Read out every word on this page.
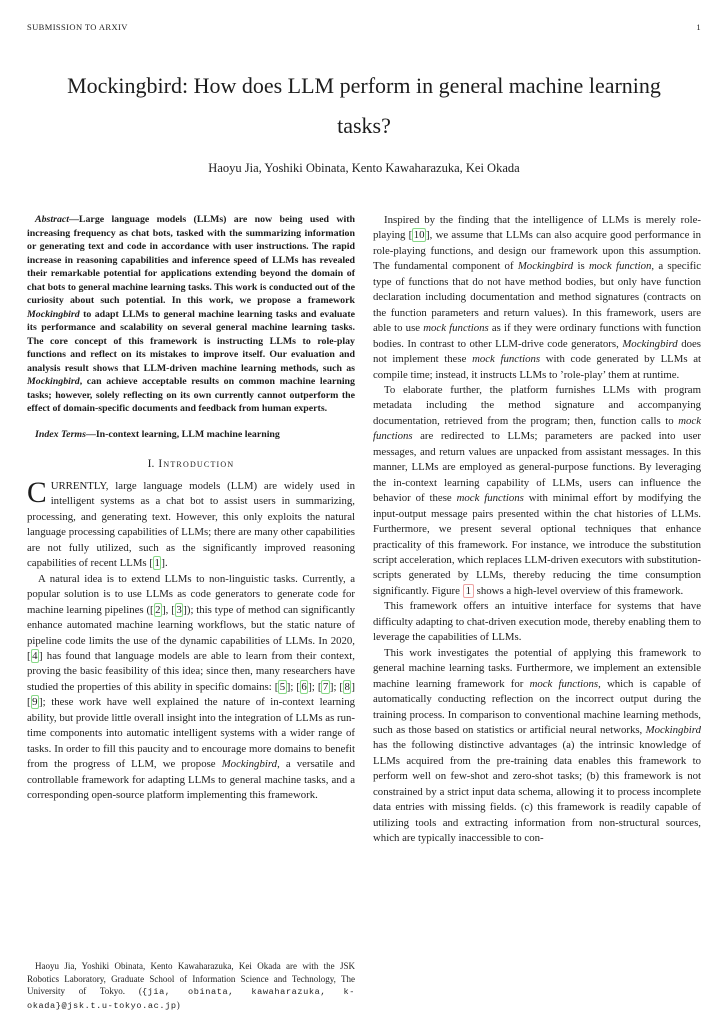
SUBMISSION TO ARXIV	1
Mockingbird: How does LLM perform in general machine learning tasks?
Haoyu Jia, Yoshiki Obinata, Kento Kawaharazuka, Kei Okada

Abstract—Large language models (LLMs) are now being used with increasing frequency as chat bots, tasked with the summarizing information or generating text and code in accordance with user instructions. The rapid increase in reasoning capabilities and inference speed of LLMs has revealed their remarkable potential for applications extending beyond the domain of chat bots to general machine learning tasks. This work is conducted out of the curiosity about such potential. In this work, we propose a framework Mockingbird to adapt LLMs to general machine learning tasks and evaluate its performance and scalability on several general machine learning tasks. The core concept of this framework is instructing LLMs to role-play functions and reflect on its mistakes to improve itself. Our evaluation and analysis result shows that LLM-driven machine learning methods, such as Mockingbird, can achieve acceptable results on common machine learning tasks; however, solely reflecting on its own currently cannot outperform the effect of domain-specific documents and feedback from human experts.

Index Terms—In-context learning, LLM machine learning

I. Introduction

CURRENTLY, large language models (LLM) are widely used in intelligent systems as a chat bot to assist users in summarizing, processing, and generating text. However, this only exploits the natural language processing capabilities of LLMs; there are many other capabilities are not fully utilized, such as the significantly improved reasoning capabilities of recent LLMs [ 1 ].

A natural idea is to extend LLMs to non-linguistic tasks. Currently, a popular solution is to use LLMs as code generators to generate code for machine learning pipelines ([ 2 ], [ 3 ]); this type of method can significantly enhance automated machine learning workflows, but the static nature of pipeline code limits the use of the dynamic capabilities of LLMs. In 2020, [ 4 ] has found that language models are able to learn from their context, proving the basic feasibility of this idea; since then, many researchers have studied the properties of this ability in specific domains: [ 5 ]; [ 6 ]; [ 7 ]; [ 8 ] [ 9 ]; these work have well explained the nature of in-context learning ability, but provide little overall insight into the integration of LLMs as run-time components into automatic intelligent systems with a wider range of tasks. In order to fill this paucity and to encourage more domains to benefit from the progress of LLM, we propose Mockingbird, a versatile and controllable framework for adapting LLMs to general machine tasks, and a corresponding open-source platform implementing this framework.

Haoyu Jia, Yoshiki Obinata, Kento Kawaharazuka, Kei Okada are with the JSK Robotics Laboratory, Graduate School of Information Science and Technology, The University of Tokyo. ({jia, obinata, kawaharazuka, k-okada}@jsk.t.u-tokyo.ac.jp)

Inspired by the finding that the intelligence of LLMs is merely role-playing [ 10 ], we assume that LLMs can also acquire good performance in role-playing functions, and design our framework upon this assumption. The fundamental component of Mockingbird is mock function, a specific type of functions that do not have method bodies, but only have function declaration including documentation and method signatures (contracts on the function parameters and return values). In this framework, users are able to use mock functions as if they were ordinary functions with function bodies. In contrast to other LLM-drive code generators, Mockingbird does not implement these mock functions with code generated by LLMs at compile time; instead, it instructs LLMs to ’role-play’ them at runtime.

To elaborate further, the platform furnishes LLMs with program metadata including the method signature and accompanying documentation, retrieved from the program; then, function calls to mock functions are redirected to LLMs; parameters are packed into user messages, and return values are unpacked from assistant messages. In this manner, LLMs are employed as general-purpose functions. By leveraging the in-context learning capability of LLMs, users can influence the behavior of these mock functions with minimal effort by modifying the input-output message pairs presented within the chat histories of LLMs. Furthermore, we present several optional techniques that enhance practicality of this framework. For instance, we introduce the substitution script acceleration, which replaces LLM-driven executors with substitution-scripts generated by LLMs, thereby reducing the time consumption significantly. Figure 1 shows a high-level overview of this framework.

This framework offers an intuitive interface for systems that have difficulty adapting to chat-driven execution mode, thereby enabling them to leverage the capabilities of LLMs.

This work investigates the potential of applying this framework to general machine learning tasks. Furthermore, we implement an extensible machine learning framework for mock functions, which is capable of automatically conducting reflection on the incorrect output during the training process. In comparison to conventional machine learning methods, such as those based on statistics or artificial neural networks, Mockingbird has the following distinctive advantages (a) the intrinsic knowledge of LLMs acquired from the pre-training data enables this framework to perform well on few-shot and zero-shot tasks; (b) this framework is not constrained by a strict input data schema, allowing it to process incomplete data entries with missing fields. (c) this framework is readily capable of utilizing tools and extracting information from non-structural sources, which are typically inaccessible to con-
